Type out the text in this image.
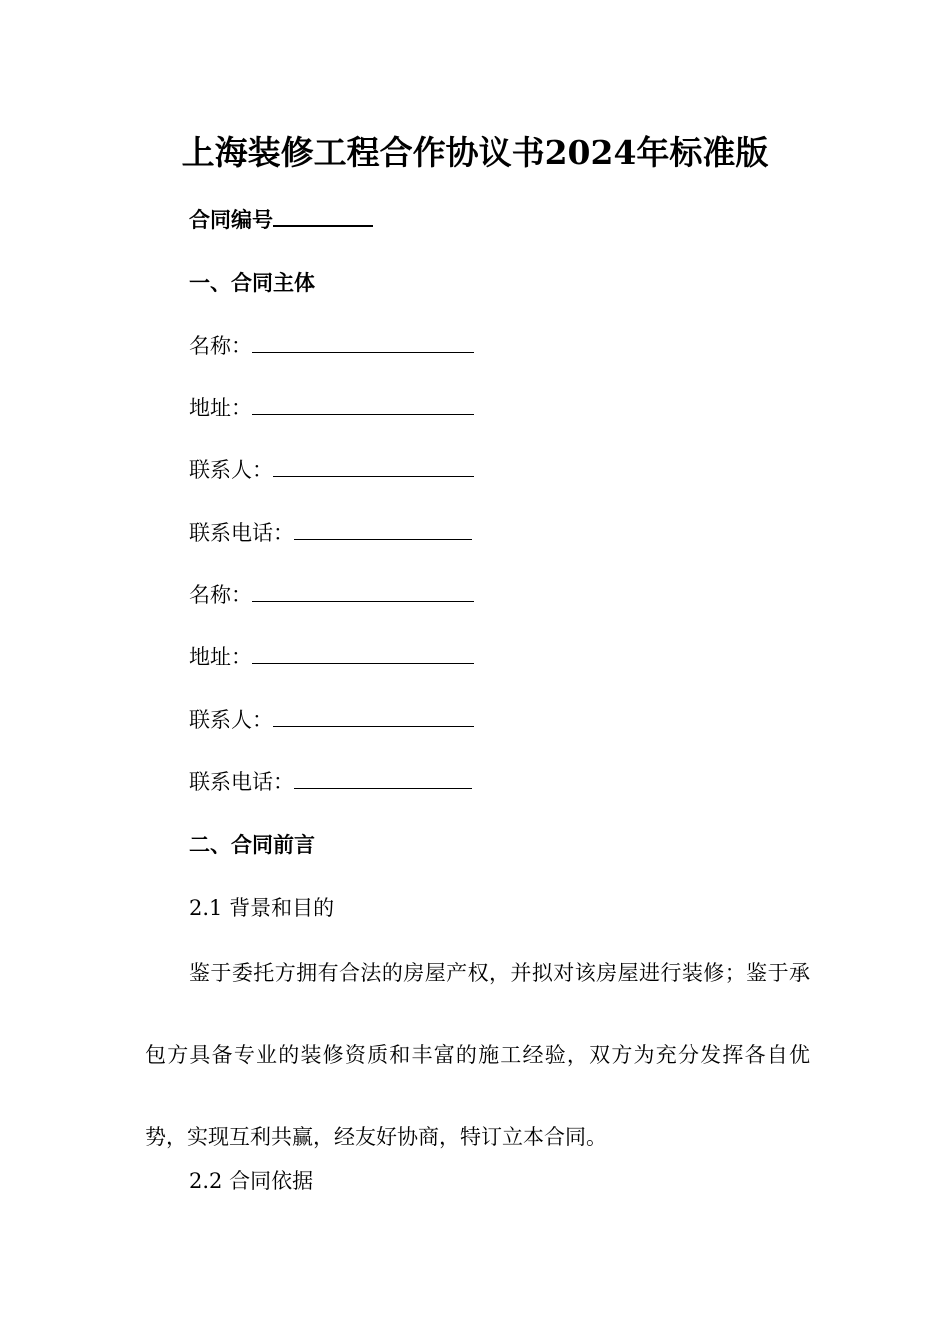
上海装修工程合作协议书2024年标准版
合同编号
一、合同主体
名称：
地址：
联系人：
联系电话：
名称：
地址：
联系人：
联系电话：
二、合同前言
2.1 背景和目的

鉴于委托方拥有合法的房屋产权，并拟对该房屋进行装修；鉴于承包方具备专业的装修资质和丰富的施工经验，双方为充分发挥各自优势，实现互利共赢，经友好协商，特订立本合同。

2.2 合同依据
